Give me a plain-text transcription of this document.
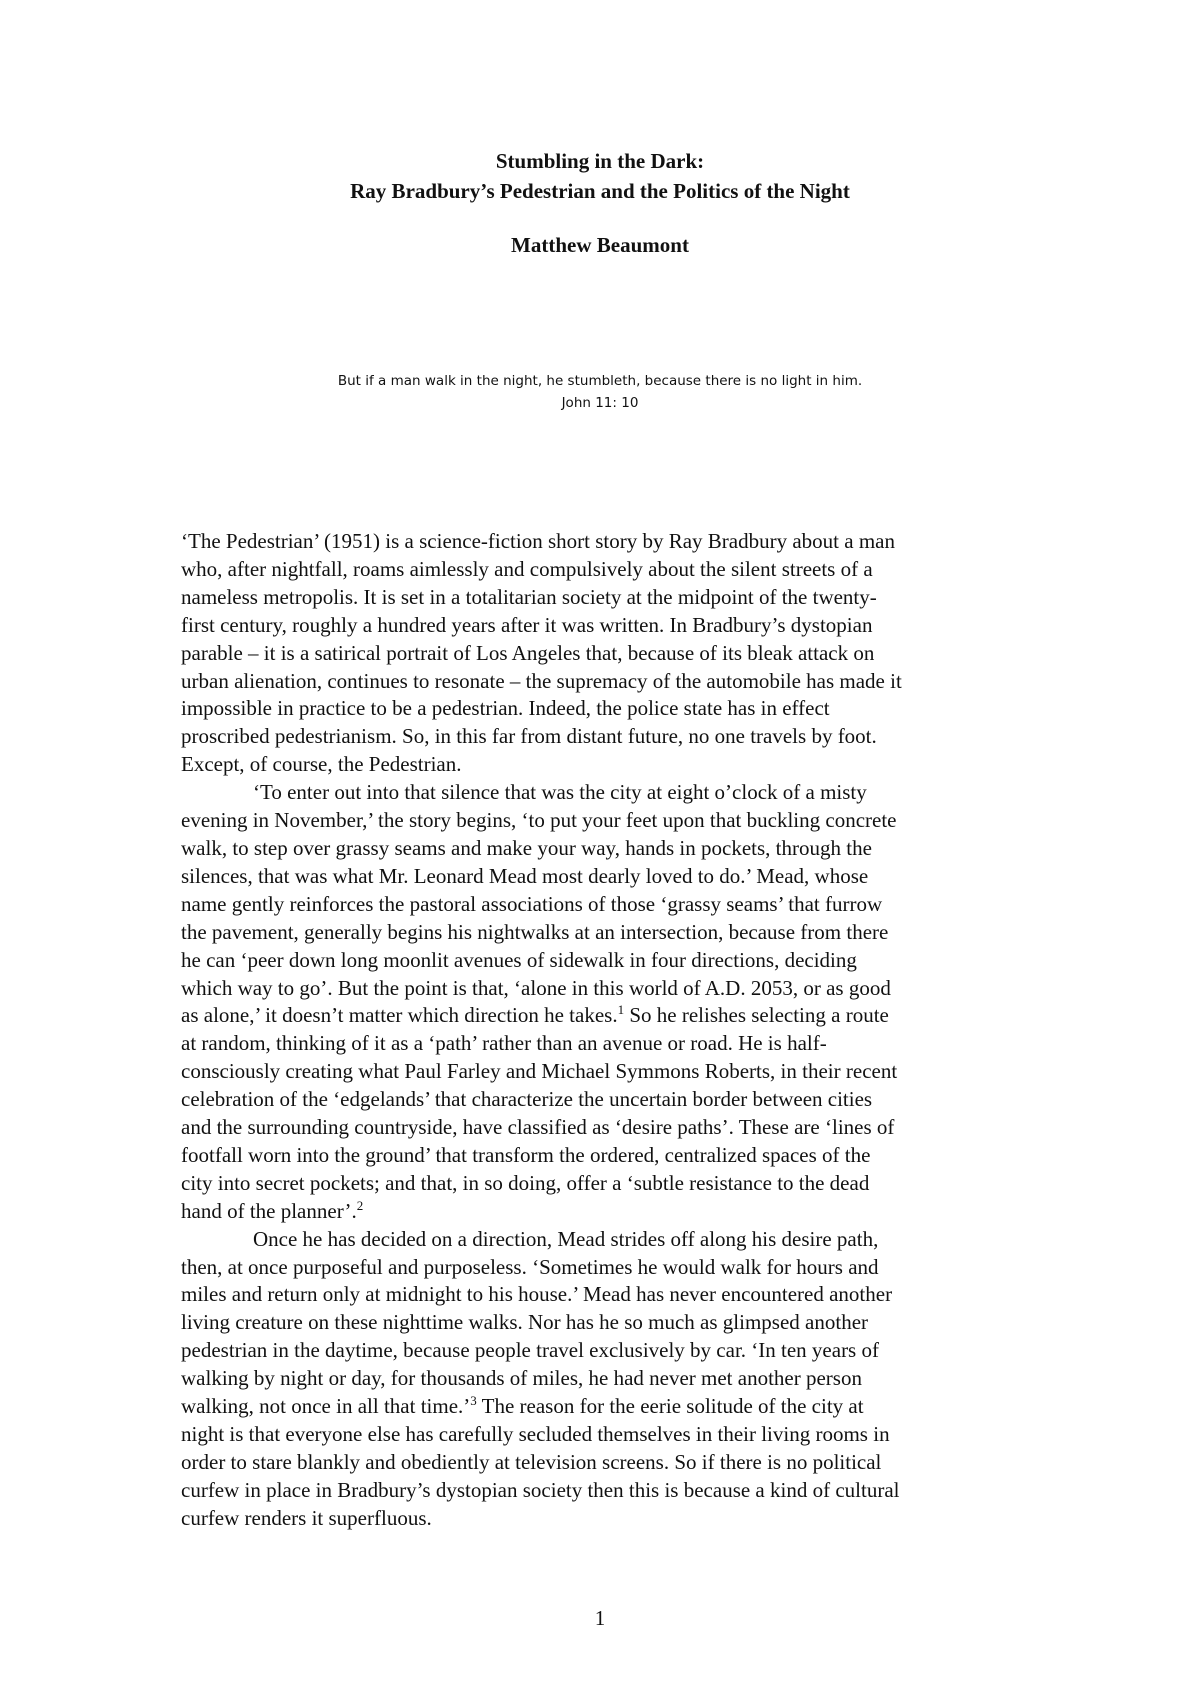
Stumbling in the Dark:
Ray Bradbury’s Pedestrian and the Politics of the Night
Matthew Beaumont
But if a man walk in the night, he stumbleth, because there is no light in him.
John 11: 10

‘The Pedestrian’ (1951) is a science-fiction short story by Ray Bradbury about a man
who, after nightfall, roams aimlessly and compulsively about the silent streets of a
nameless metropolis. It is set in a totalitarian society at the midpoint of the twenty-
first century, roughly a hundred years after it was written. In Bradbury’s dystopian
parable – it is a satirical portrait of Los Angeles that, because of its bleak attack on
urban alienation, continues to resonate – the supremacy of the automobile has made it
impossible in practice to be a pedestrian. Indeed, the police state has in effect
proscribed pedestrianism. So, in this far from distant future, no one travels by foot.
Except, of course, the Pedestrian.

‘To enter out into that silence that was the city at eight o’clock of a misty
evening in November,’ the story begins, ‘to put your feet upon that buckling concrete
walk, to step over grassy seams and make your way, hands in pockets, through the
silences, that was what Mr. Leonard Mead most dearly loved to do.’ Mead, whose
name gently reinforces the pastoral associations of those ‘grassy seams’ that furrow
the pavement, generally begins his nightwalks at an intersection, because from there
he can ‘peer down long moonlit avenues of sidewalk in four directions, deciding
which way to go’. But the point is that, ‘alone in this world of A.D. 2053, or as good
as alone,’ it doesn’t matter which direction he takes.$^1$ So he relishes selecting a route
at random, thinking of it as a ‘path’ rather than an avenue or road. He is half-
consciously creating what Paul Farley and Michael Symmons Roberts, in their recent
celebration of the ‘edgelands’ that characterize the uncertain border between cities
and the surrounding countryside, have classified as ‘desire paths’. These are ‘lines of
footfall worn into the ground’ that transform the ordered, centralized spaces of the
city into secret pockets; and that, in so doing, offer a ‘subtle resistance to the dead
hand of the planner’.$^2$

Once he has decided on a direction, Mead strides off along his desire path,
then, at once purposeful and purposeless. ‘Sometimes he would walk for hours and
miles and return only at midnight to his house.’ Mead has never encountered another
living creature on these nighttime walks. Nor has he so much as glimpsed another
pedestrian in the daytime, because people travel exclusively by car. ‘In ten years of
walking by night or day, for thousands of miles, he had never met another person
walking, not once in all that time.’$^3$ The reason for the eerie solitude of the city at
night is that everyone else has carefully secluded themselves in their living rooms in
order to stare blankly and obediently at television screens. So if there is no political
curfew in place in Bradbury’s dystopian society then this is because a kind of cultural
curfew renders it superfluous.

1
